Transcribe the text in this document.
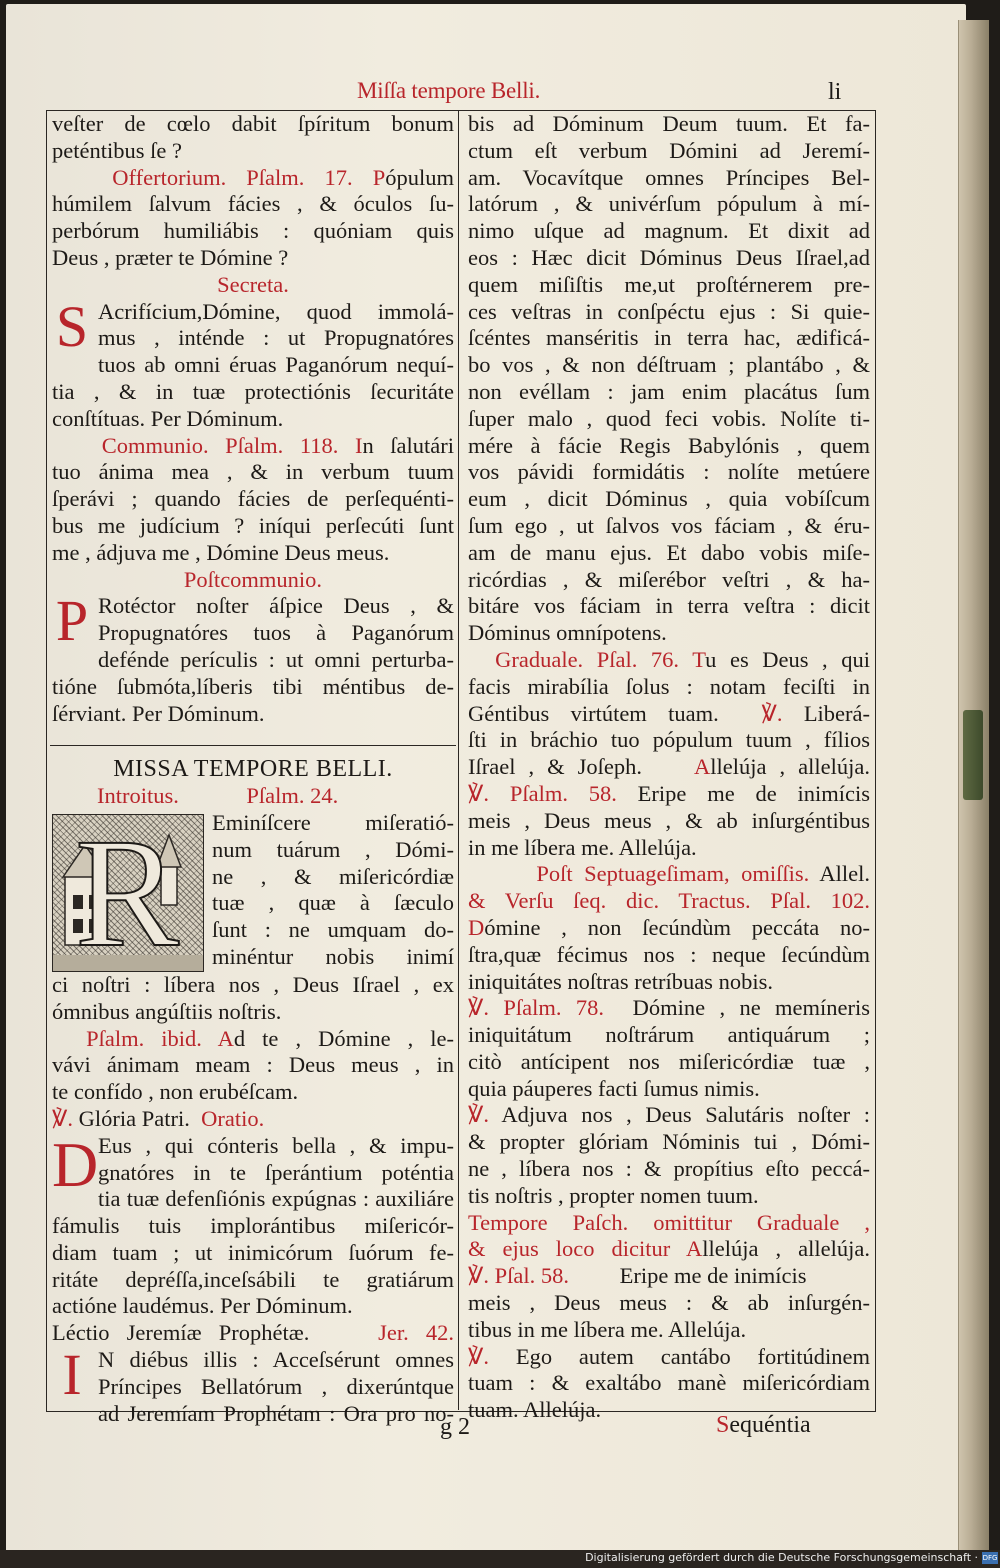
Miſſa tempore Belli.	li

veſter de cœlo dabit ſpíritum bonum

peténtibus ſe ?

Offertorium. Pſalm. 17. Pópulum

húmilem ſalvum fácies , & óculos ſu-

perbórum humiliábis : quóniam quis

Deus , præter te Dómine ?

Secreta.

S Acrifícium,Dómine, quod immolá-

mus , inténde : ut Propugnatóres

tuos ab omni éruas Paganórum nequí-

tia , & in tuæ protectiónis ſecuritáte

conſtítuas. Per Dóminum.

Communio. Pſalm. 118. In ſalutári

tuo ánima mea , & in verbum tuum

ſperávi ; quando fácies de perſequénti-

bus me judícium ? iníqui perſecúti ſunt

me , ádjuva me , Dómine Deus meus.

Poſtcommunio.

P Rotéctor noſter áſpice Deus , &

Propugnatóres tuos à Paganórum

defénde perículis : ut omni perturba-

tióne ſubmóta,líberis tibi méntibus de-

ſérviant. Per Dóminum.

MISSA TEMPORE BELLI.

Introitus.	Pſalm. 24.

R	Eminíſcere miſeratió-

num tuárum , Dómi-

ne , & miſericórdiæ

tuæ , quæ à ſæculo

ſunt : ne umquam do-

minéntur nobis inimí

ci noſtri : líbera nos , Deus Iſrael , ex

ómnibus angúſtiis noſtris.

Pſalm. ibid. Ad te , Dómine , le-

vávi ánimam meam : Deus meus , in

te confído , non erubéſcam.

℣. Glória Patri. Oratio.

D Eus , qui cónteris bella , & impu-

gnatóres in te ſperántium poténtia

tia tuæ defenſiónis expúgnas : auxiliáre

fámulis tuis implorántibus miſericór-

diam tuam ; ut inimicórum ſuórum fe-

ritáte depréſſa,inceſsábili te gratiárum

actióne laudémus. Per Dóminum.

Léctio Jeremíæ Prophétæ.	Jer. 42.

I N diébus illis : Acceſsérunt omnes

Príncipes Bellatórum , dixerúntque

ad Jeremíam Prophétam : Ora pro no-

bis ad Dóminum Deum tuum. Et fa-

ctum eſt verbum Dómini ad Jeremí-

am. Vocavítque omnes Príncipes Bel-

latórum , & univérſum pópulum à mí-

nimo uſque ad magnum. Et dixit ad

eos : Hæc dicit Dóminus Deus Iſrael,ad

quem miſiſtis me,ut proſtérnerem pre-

ces veſtras in conſpéctu ejus : Si quie-

ſcéntes manséritis in terra hac, ædificá-

bo vos , & non déſtruam ; plantábo , &

non evéllam : jam enim placátus ſum

ſuper malo , quod feci vobis. Nolíte ti-

mére à fácie Regis Babylónis , quem

vos pávidi formidátis : nolíte metúere

eum , dicit Dóminus , quia vobíſcum

ſum ego , ut ſalvos vos fáciam , & éru-

am de manu ejus. Et dabo vobis miſe-

ricórdias , & miſerébor veſtri , & ha-

bitáre vos fáciam in terra veſtra : dicit

Dóminus omnípotens.

Graduale. Pſal. 76. Tu es Deus , qui

facis mirabília ſolus : notam feciſti in

Géntibus virtútem tuam. ℣. Liberá-

ſti in bráchio tuo pópulum tuum , fílios

Iſrael , & Joſeph. Allelúja , allelúja.

℣. Pſalm. 58. Eripe me de inimícis

meis , Deus meus , & ab inſurgéntibus

in me líbera me. Allelúja.

Poſt Septuageſimam, omiſſis. Allel.

& Verſu ſeq. dic. Tractus. Pſal. 102.

Dómine , non ſecúndùm peccáta no-

ſtra,quæ fécimus nos : neque ſecúndùm

iniquitátes noſtras retríbuas nobis.

℣. Pſalm. 78. Dómine , ne memíneris

iniquitátum noſtrárum antiquárum ;

citò antícipent nos miſericórdiæ tuæ ,

quia páuperes facti ſumus nimis.

℣. Adjuva nos , Deus Salutáris noſter :

& propter glóriam Nóminis tui , Dómi-

ne , líbera nos : & propítius eſto peccá-

tis noſtris , propter nomen tuum.

Tempore Paſch. omittitur Graduale ,

& ejus loco dicitur Allelúja , allelúja.

℣. Pſal. 58. Eripe me de inimícis

meis , Deus meus : & ab inſurgén-

tibus in me líbera me. Allelúja.

℣. Ego autem cantábo fortitúdinem

tuam : & exaltábo manè miſericórdiam

tuam. Allelúja.

g 2	Sequéntia
Digitalisierung gefördert durch die Deutsche Forschungsgemeinschaft · DFG
